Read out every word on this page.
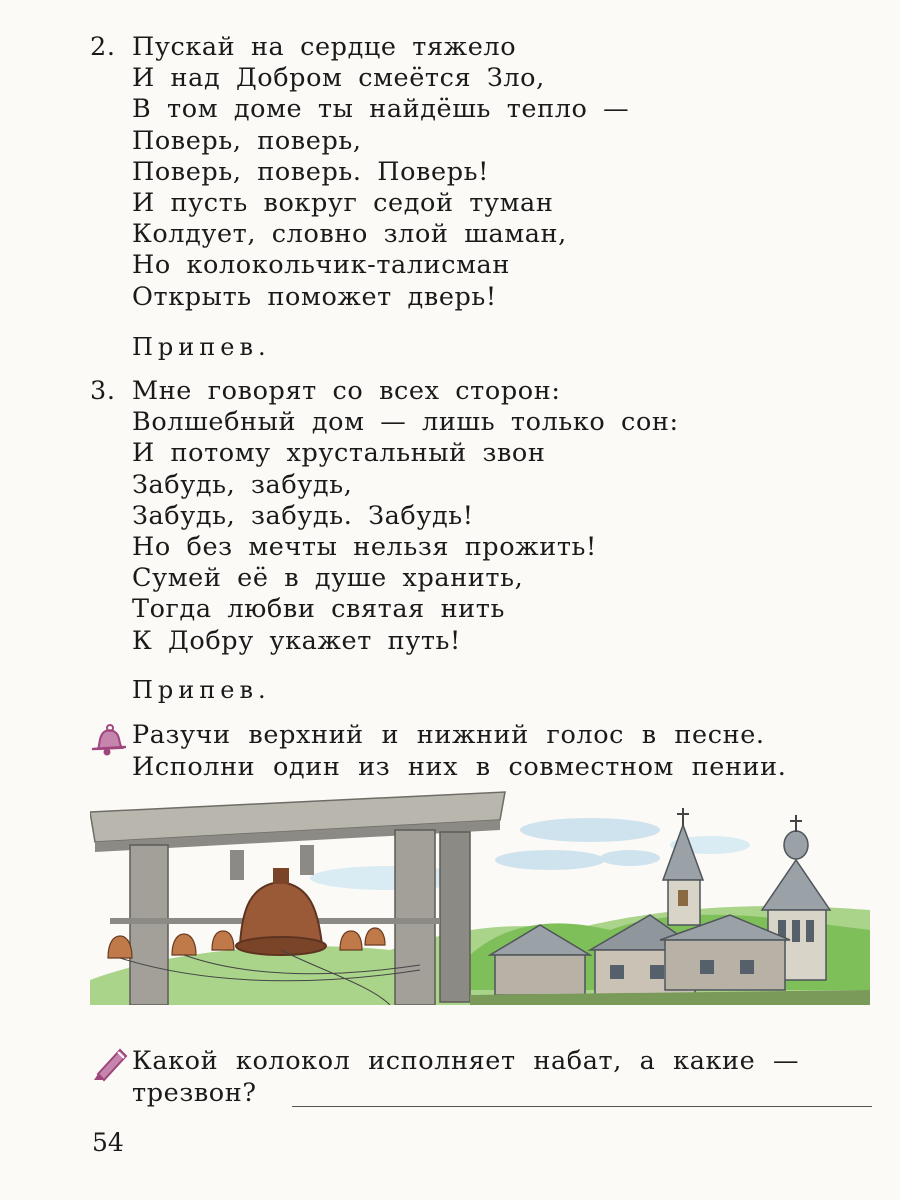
2. Пускай на сердце тяжело
И над Добром смеётся Зло,
В том доме ты найдёшь тепло —
Поверь, поверь,
Поверь, поверь. Поверь!
И пусть вокруг седой туман
Колдует, словно злой шаман,
Но колокольчик-талисман
Открыть поможет дверь!
Припев.
3. Мне говорят со всех сторон:
Волшебный дом — лишь только сон:
И потому хрустальный звон
Забудь, забудь,
Забудь, забудь. Забудь!
Но без мечты нельзя прожить!
Сумей её в душе хранить,
Тогда любви святая нить
К Добру укажет путь!
Припев.
Разучи верхний и нижний голос в песне.
Исполни один из них в совместном пении.
Какой колокол исполняет набат, а какие —
трезвон?
54
